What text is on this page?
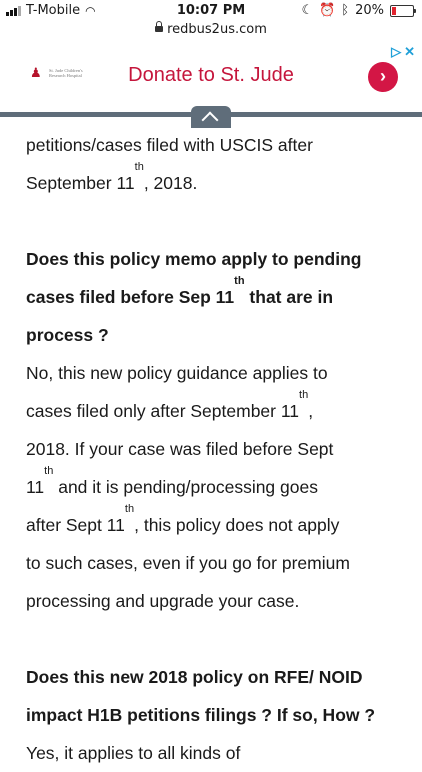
T-Mobile ◠	10:07 PM	☾ ⏰ ᛒ 20%
redbus2us.com
♟	St. Jude Children's Research Hospital	Donate to St. Jude	›
▷✕

petitions/cases filed with USCIS after

September 11th, 2018.

Does this policy memo apply to pending

cases filed before Sep 11th that are in

process ?

No, this new policy guidance applies to

cases filed only after September 11th,

2018. If your case was filed before Sept

11th and it is pending/processing goes

after Sept 11th, this policy does not apply

to such cases, even if you go for premium

processing and upgrade your case.

Does this new 2018 policy on RFE/ NOID

impact H1B petitions filings ? If so, How ?

Yes, it applies to all kinds of
